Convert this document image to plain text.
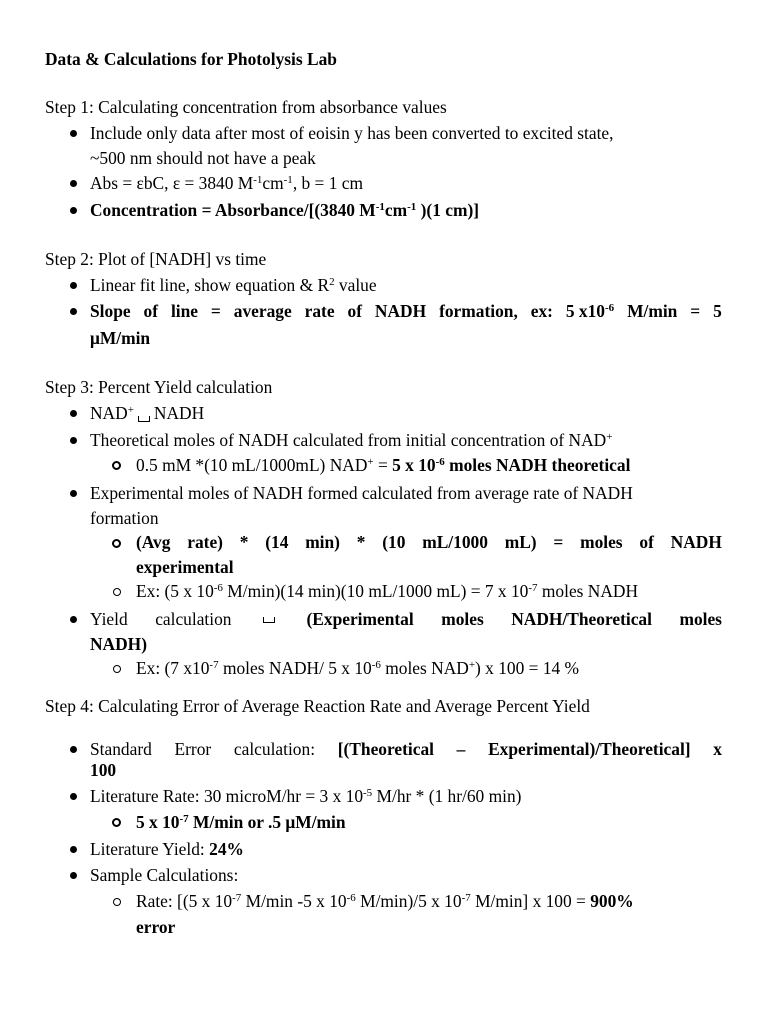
Data & Calculations for Photolysis Lab
Step 1: Calculating concentration from absorbance values
Include only data after most of eoisin y has been converted to excited state,
~500 nm should not have a peak
Abs = εbC, ε = 3840 $M^{-1}cm^{-1}$, b = 1 cm
Concentration = Absorbance/[(3840 $M^{-1}cm^{-1}$ )(1 cm)]
Step 2: Plot of [NADH] vs time
Linear fit line, show equation & $R^2$ value
Slope of line = average rate of NADH formation, ex: 5 $x10^{-6}$ M/min = 5
μM/min
Step 3: Percent Yield calculation
NAD+ NADH
Theoretical moles of NADH calculated from initial concentration of NAD+
0.5 mM *(10 mL/1000mL) NAD+ = 5 x $10^{-6}$ moles NADH theoretical
Experimental moles of NADH formed calculated from average rate of NADH
formation
(Avg rate) * (14 min) * (10 mL/1000 mL) = moles of NADH
experimental
Ex: (5 x $10^{-6}$ M/min)(14 min)(10 mL/1000 mL) = 7 x $10^{-7}$ moles NADH
Yield calculation	(Experimental moles NADH/Theoretical moles
NADH)
Ex: (7 $x10^{-7}$ moles NADH/ 5 x $10^{-6}$ moles NAD+) x 100 = 14 %
Step 4: Calculating Error of Average Reaction Rate and Average Percent Yield
Standard Error calculation: [(Theoretical – Experimental)/Theoretical] x
100
Literature Rate: 30 microM/hr = 3 x $10^{-5}$ M/hr * (1 hr/60 min)
5 x $10^{-7}$ M/min or .5 μM/min
Literature Yield: 24%
Sample Calculations:
Rate: [(5 x $10^{-7}$ M/min -5 x $10^{-6}$ M/min)/5 x $10^{-7}$ M/min] x 100 = 900%
error
